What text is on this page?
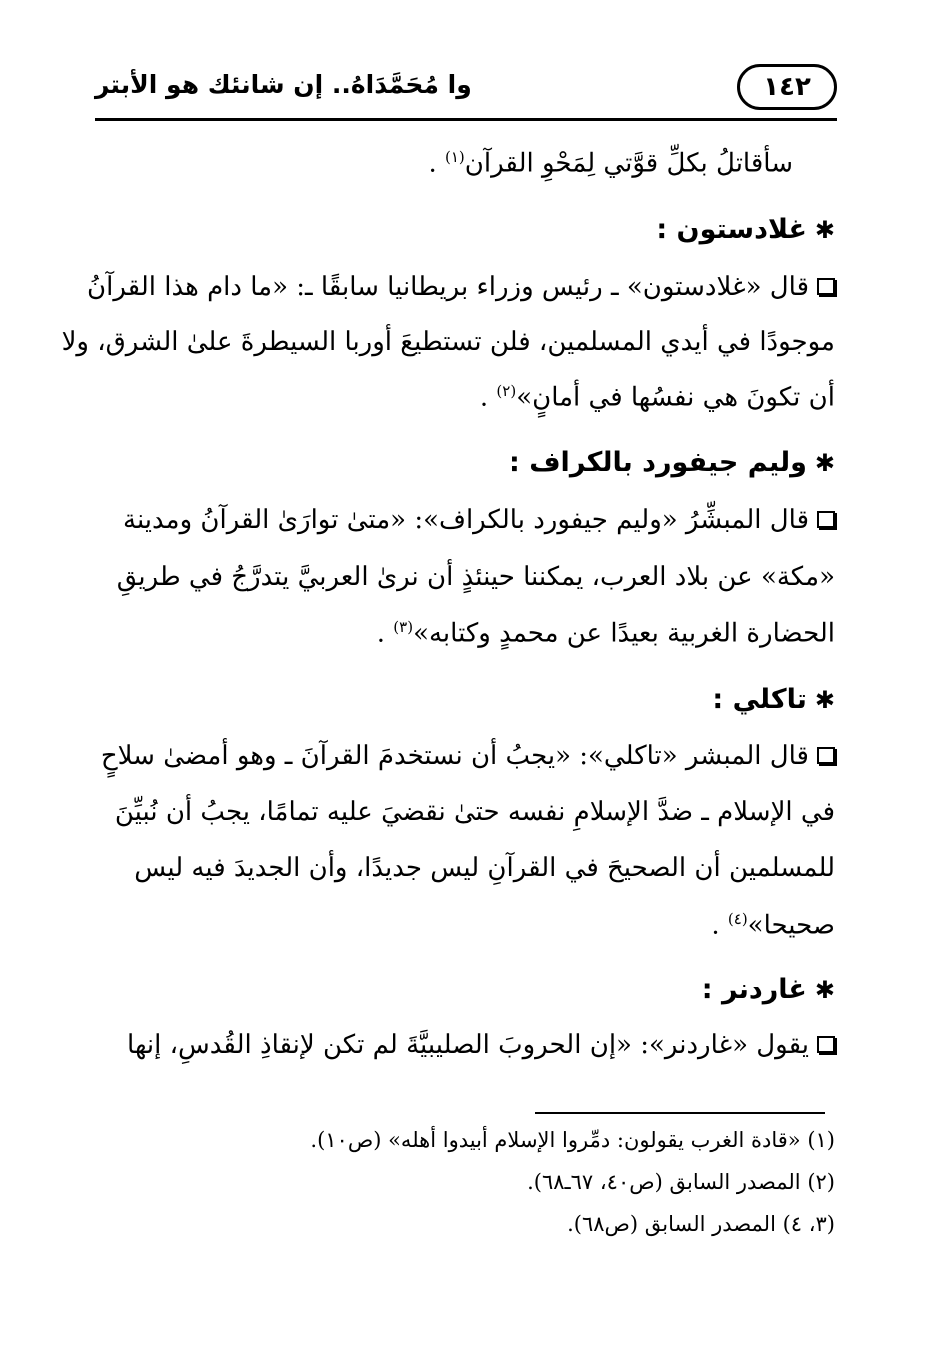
١٤٢
وا مُحَمَّدَاهُ.. إن شانئك هو الأبتر
سأقاتلُ بكلِّ قوَّتي لِمَحْوِ القرآن$^{(١)}$ .
✱غلادستون :
قال «غلادستون» ـ رئيس وزراء بريطانيا سابقًا ـ: «ما دام هذا القرآنُ
موجودًا في أيدي المسلمين، فلن تستطيعَ أوربا السيطرةَ علىٰ الشرق، ولا
أن تكونَ هي نفسُها في أمانٍ»$^{(٢)}$ .
✱وليم جيفورد بالكراف :
قال المبشِّرُ «وليم جيفورد بالكراف»: «متىٰ توارَىٰ القرآنُ ومدينة
«مكة» عن بلاد العرب، يمكننا حينئذٍ أن نرىٰ العربيَّ يتدرَّجُ في طريقِ
الحضارة الغربية بعيدًا عن محمدٍ وكتابه»$^{(٣)}$ .
✱تاكلي :
قال المبشر «تاكلي»: «يجبُ أن نستخدمَ القرآنَ ـ وهو أمضىٰ سلاحٍ
في الإسلام ـ ضدَّ الإسلامِ نفسه حتىٰ نقضيَ عليه تمامًا، يجبُ أن نُبيِّنَ
للمسلمين أن الصحيحَ في القرآنِ ليس جديدًا، وأن الجديدَ فيه ليس
صحيحا»$^{(٤)}$ .
✱غاردنر :
يقول «غاردنر»: «إن الحروبَ الصليبيَّةَ لم تكن لإنقاذِ القُدسِ، إنها
(١) «قادة الغرب يقولون: دمِّروا الإسلام أبيدوا أهله» (ص١٠).
(٢) المصدر السابق (ص٤٠، ٦٧ـ٦٨).
(٣، ٤) المصدر السابق (ص٦٨).
